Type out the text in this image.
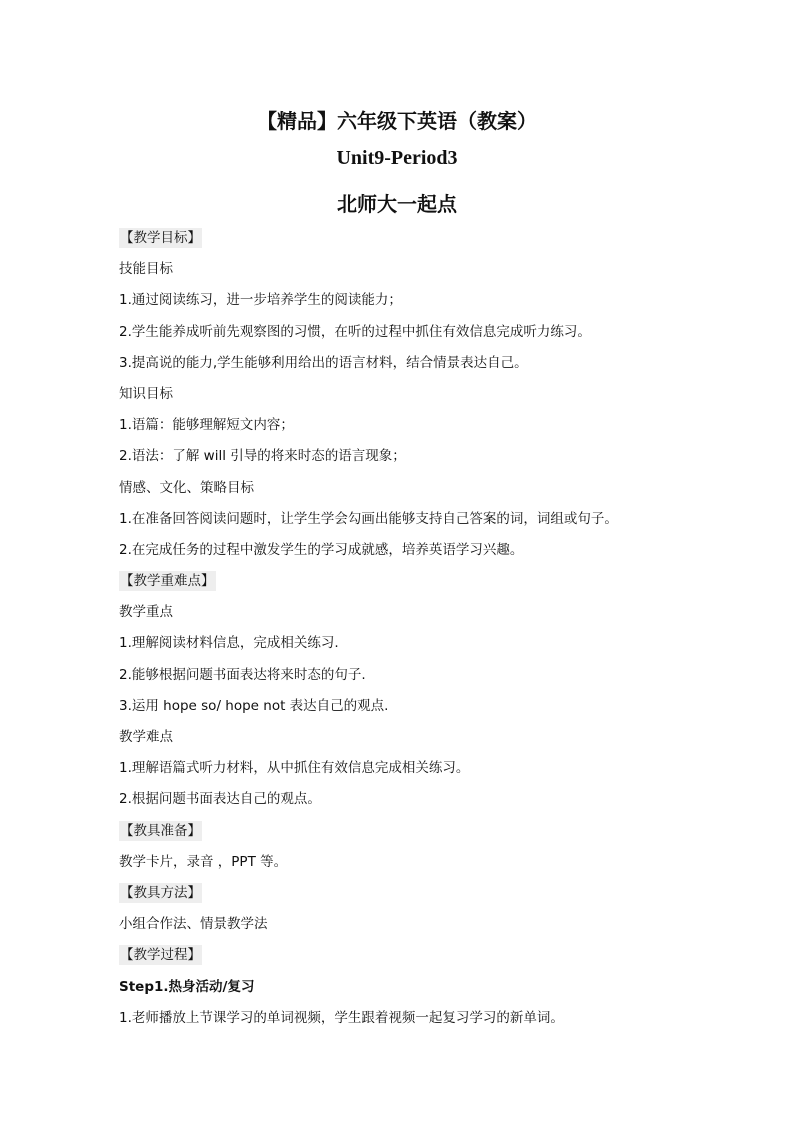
【精品】六年级下英语（教案）
Unit9-Period3
北师大一起点
【教学目标】
技能目标
1.通过阅读练习，进一步培养学生的阅读能力；
2.学生能养成听前先观察图的习惯，在听的过程中抓住有效信息完成听力练习。
3.提高说的能力,学生能够利用给出的语言材料，结合情景表达自己。
知识目标
1.语篇：能够理解短文内容；
2.语法：了解 will 引导的将来时态的语言现象；
情感、文化、策略目标
1.在准备回答阅读问题时，让学生学会勾画出能够支持自己答案的词，词组或句子。
2.在完成任务的过程中激发学生的学习成就感，培养英语学习兴趣。
【教学重难点】
教学重点
1.理解阅读材料信息，完成相关练习.
2.能够根据问题书面表达将来时态的句子.
3.运用 hope so/ hope not 表达自己的观点.
教学难点
1.理解语篇式听力材料，从中抓住有效信息完成相关练习。
2.根据问题书面表达自己的观点。
【教具准备】
教学卡片，录音 ，PPT 等。
【教具方法】
小组合作法、情景教学法
【教学过程】
Step1.热身活动/复习
1.老师播放上节课学习的单词视频，学生跟着视频一起复习学习的新单词。
